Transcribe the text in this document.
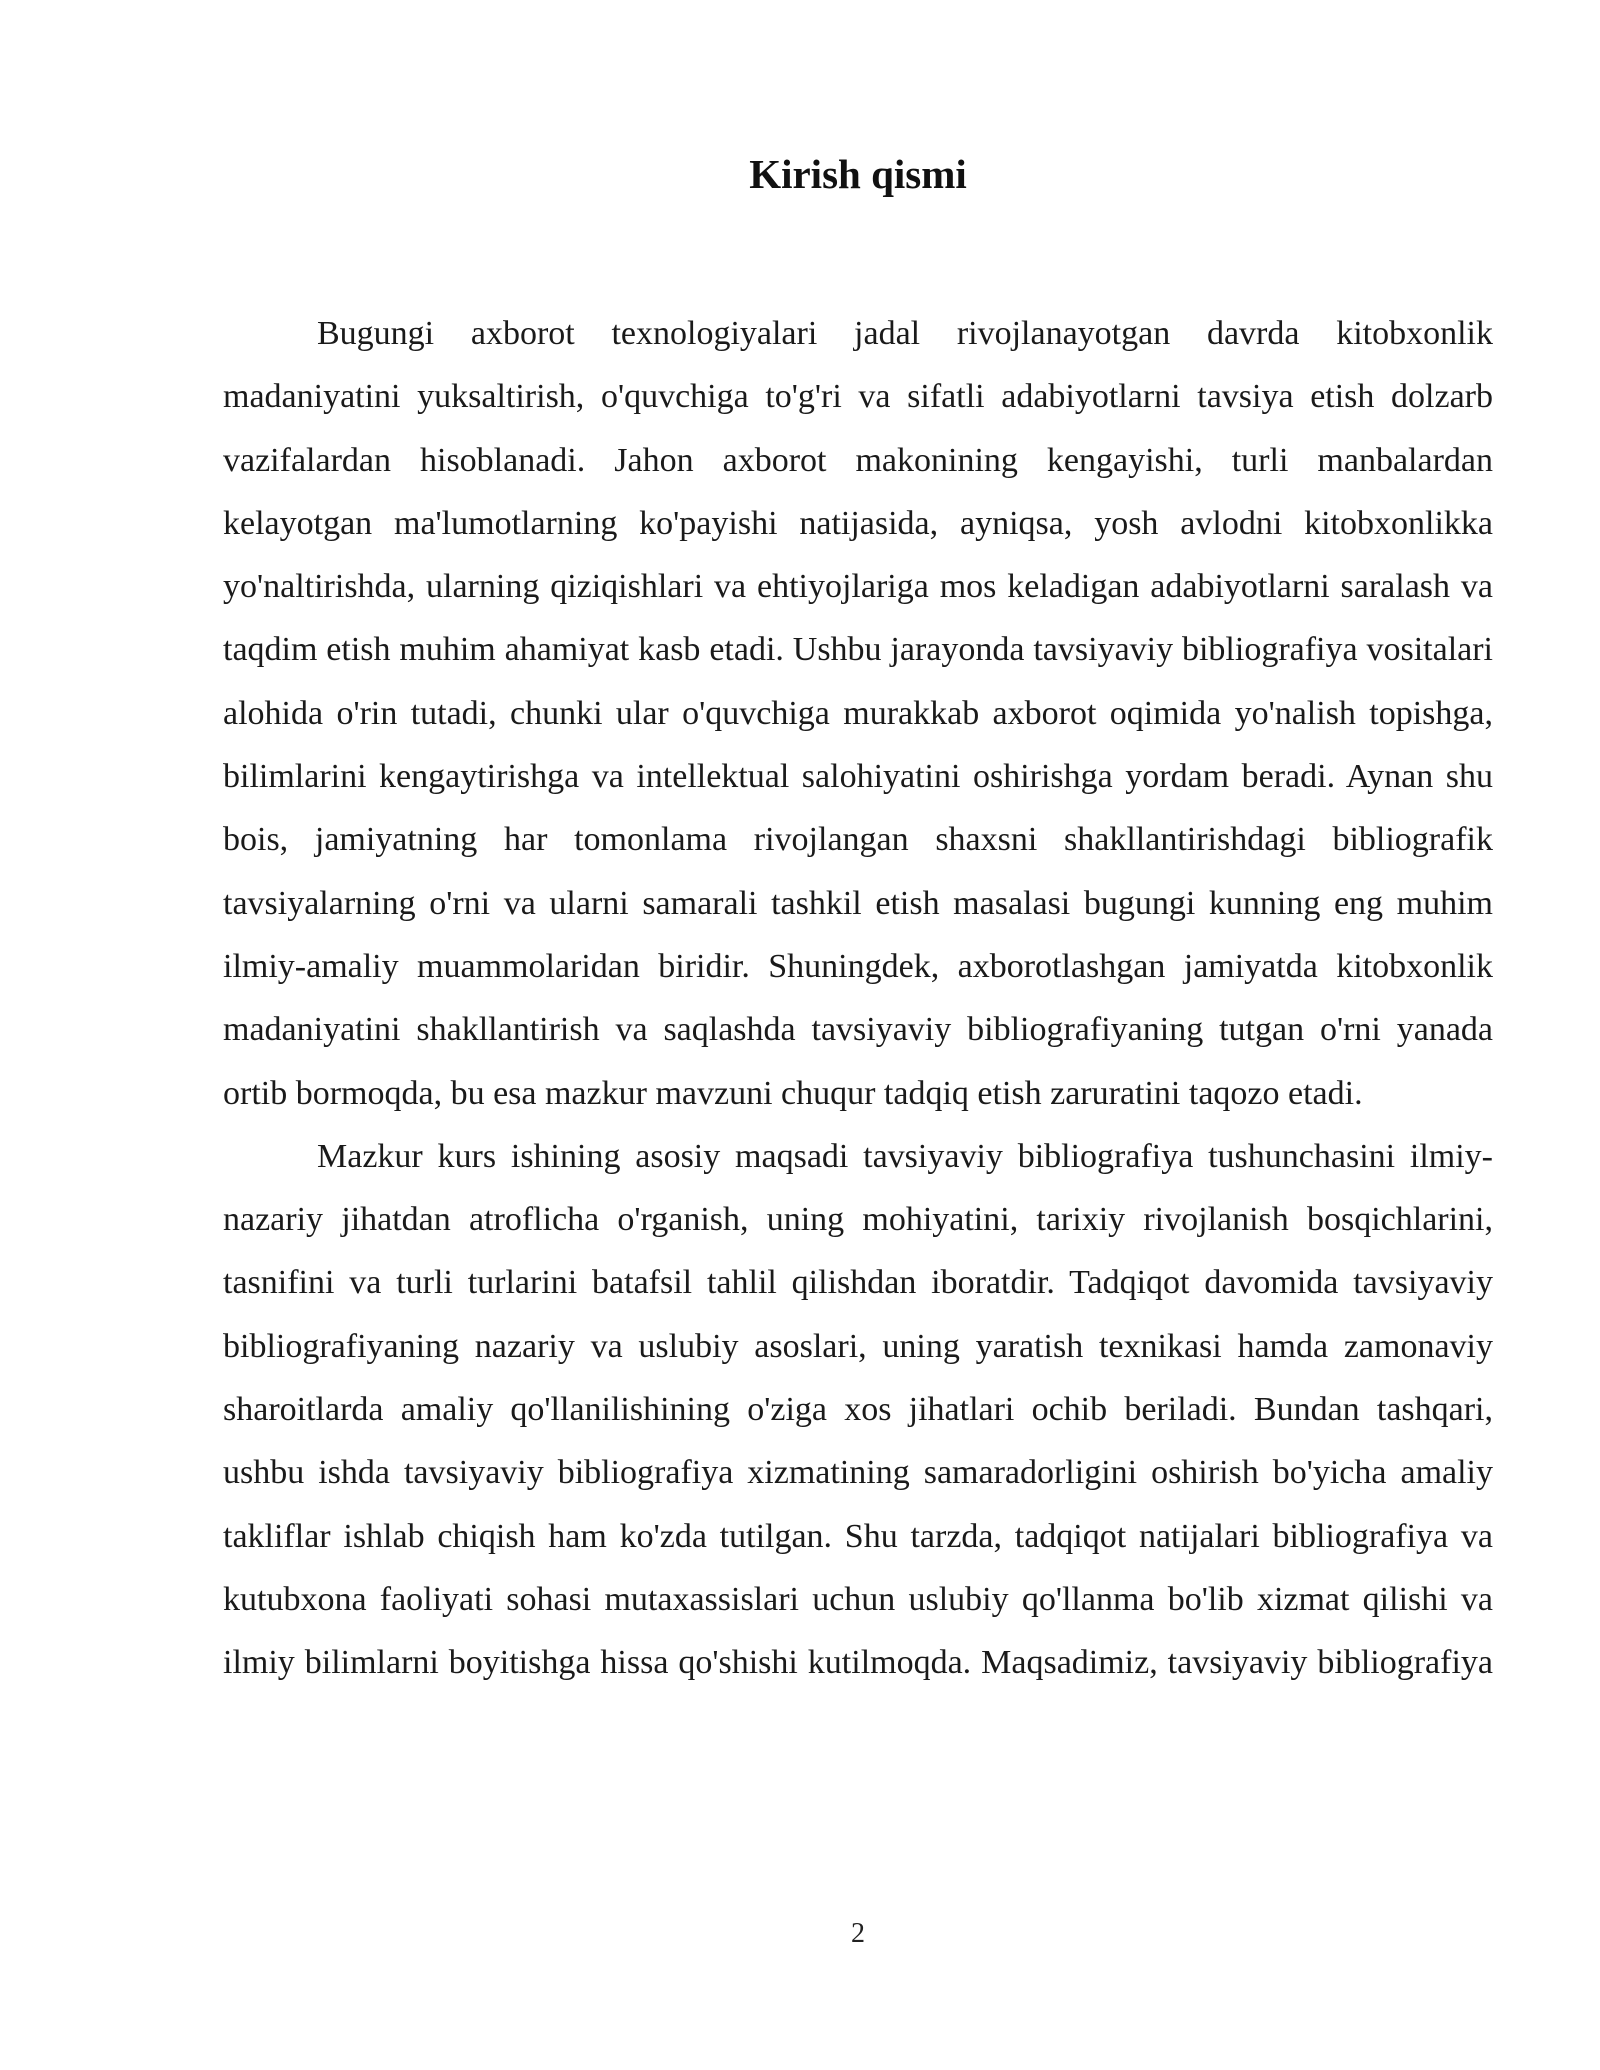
Kirish qismi

Bugungi axborot texnologiyalari jadal rivojlanayotgan davrda kitobxonlik madaniyatini yuksaltirish, o'quvchiga to'g'ri va sifatli adabiyotlarni tavsiya etish dolzarb vazifalardan hisoblanadi. Jahon axborot makonining kengayishi, turli manbalardan kelayotgan ma'lumotlarning ko'payishi natijasida, ayniqsa, yosh avlodni kitobxonlikka yo'naltirishda, ularning qiziqishlari va ehtiyojlariga mos keladigan adabiyotlarni saralash va taqdim etish muhim ahamiyat kasb etadi. Ushbu jarayonda tavsiyaviy bibliografiya vositalari alohida o'rin tutadi, chunki ular o'quvchiga murakkab axborot oqimida yo'nalish topishga, bilimlarini kengaytirishga va intellektual salohiyatini oshirishga yordam beradi. Aynan shu bois, jamiyatning har tomonlama rivojlangan shaxsni shakllantirishdagi bibliografik tavsiyalarning o'rni va ularni samarali tashkil etish masalasi bugungi kunning eng muhim ilmiy-amaliy muammolaridan biridir. Shuningdek, axborotlashgan jamiyatda kitobxonlik madaniyatini shakllantirish va saqlashda tavsiyaviy bibliografiyaning tutgan o'rni yanada ortib bormoqda, bu esa mazkur mavzuni chuqur tadqiq etish zaruratini taqozo etadi.

Mazkur kurs ishining asosiy maqsadi tavsiyaviy bibliografiya tushunchasini ilmiy-nazariy jihatdan atroflicha o'rganish, uning mohiyatini, tarixiy rivojlanish bosqichlarini, tasnifini va turli turlarini batafsil tahlil qilishdan iboratdir. Tadqiqot davomida tavsiyaviy bibliografiyaning nazariy va uslubiy asoslari, uning yaratish texnikasi hamda zamonaviy sharoitlarda amaliy qo'llanilishining o'ziga xos jihatlari ochib beriladi. Bundan tashqari, ushbu ishda tavsiyaviy bibliografiya xizmatining samaradorligini oshirish bo'yicha amaliy takliflar ishlab chiqish ham ko'zda tutilgan. Shu tarzda, tadqiqot natijalari bibliografiya va kutubxona faoliyati sohasi mutaxassislari uchun uslubiy qo'llanma bo'lib xizmat qilishi va ilmiy bilimlarni boyitishga hissa qo'shishi kutilmoqda. Maqsadimiz, tavsiyaviy bibliografiya

2
